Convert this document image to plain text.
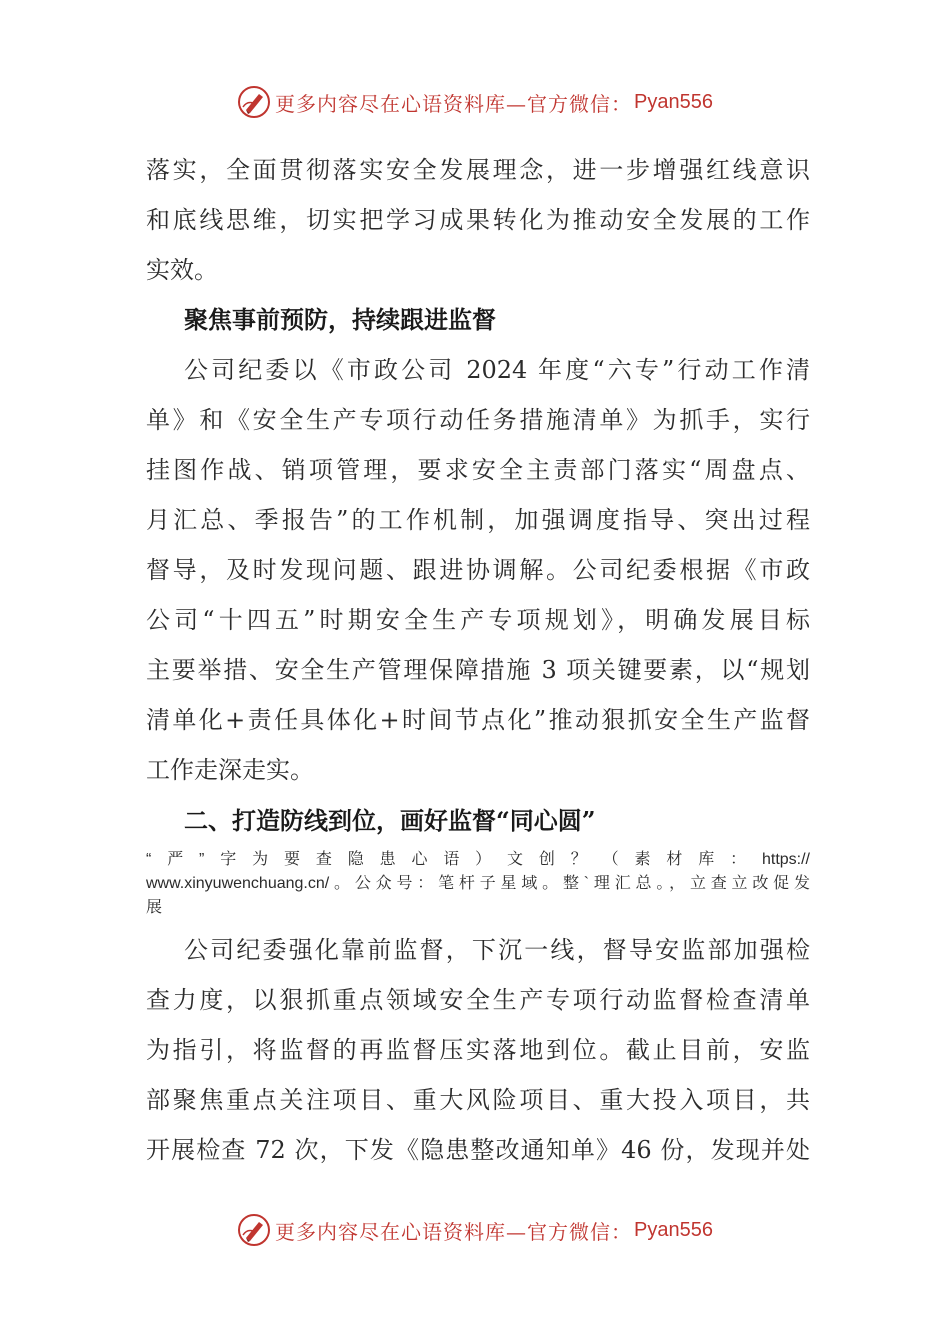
更多内容尽在心语资料库—官方微信： Pyan556
落实，全面贯彻落实安全发展理念，进一步增强红线意识
和底线思维，切实把学习成果转化为推动安全发展的工作
实效。
聚焦事前预防，持续跟进监督
公司纪委以《市政公司 2024 年度“六专”行动工作清
单》和《安全生产专项行动任务措施清单》为抓手，实行
挂图作战、销项管理，要求安全主责部门落实“周盘点、
月汇总、季报告”的工作机制，加强调度指导、突出过程
督导，及时发现问题、跟进协调解。公司纪委根据《市政
公司“十四五”时期安全生产专项规划》，明确发展目标
主要举措、安全生产管理保障措施 3 项关键要素，以“规划
清单化+责任具体化+时间节点化”推动狠抓安全生产监督
工作走深走实。
二、打造防线到位，画好监督“同心圆”
“严”字为要查隐患心语）文创？（素材库：https://
www.xinyuwenchuang.cn/。公众号：笔杆子星域。整`理汇总。，立查立改促发
展
公司纪委强化靠前监督，下沉一线，督导安监部加强检
查力度，以狠抓重点领域安全生产专项行动监督检查清单
为指引，将监督的再监督压实落地到位。截止目前，安监
部聚焦重点关注项目、重大风险项目、重大投入项目，共
开展检查 72 次，下发《隐患整改通知单》46 份，发现并处
更多内容尽在心语资料库—官方微信： Pyan556
